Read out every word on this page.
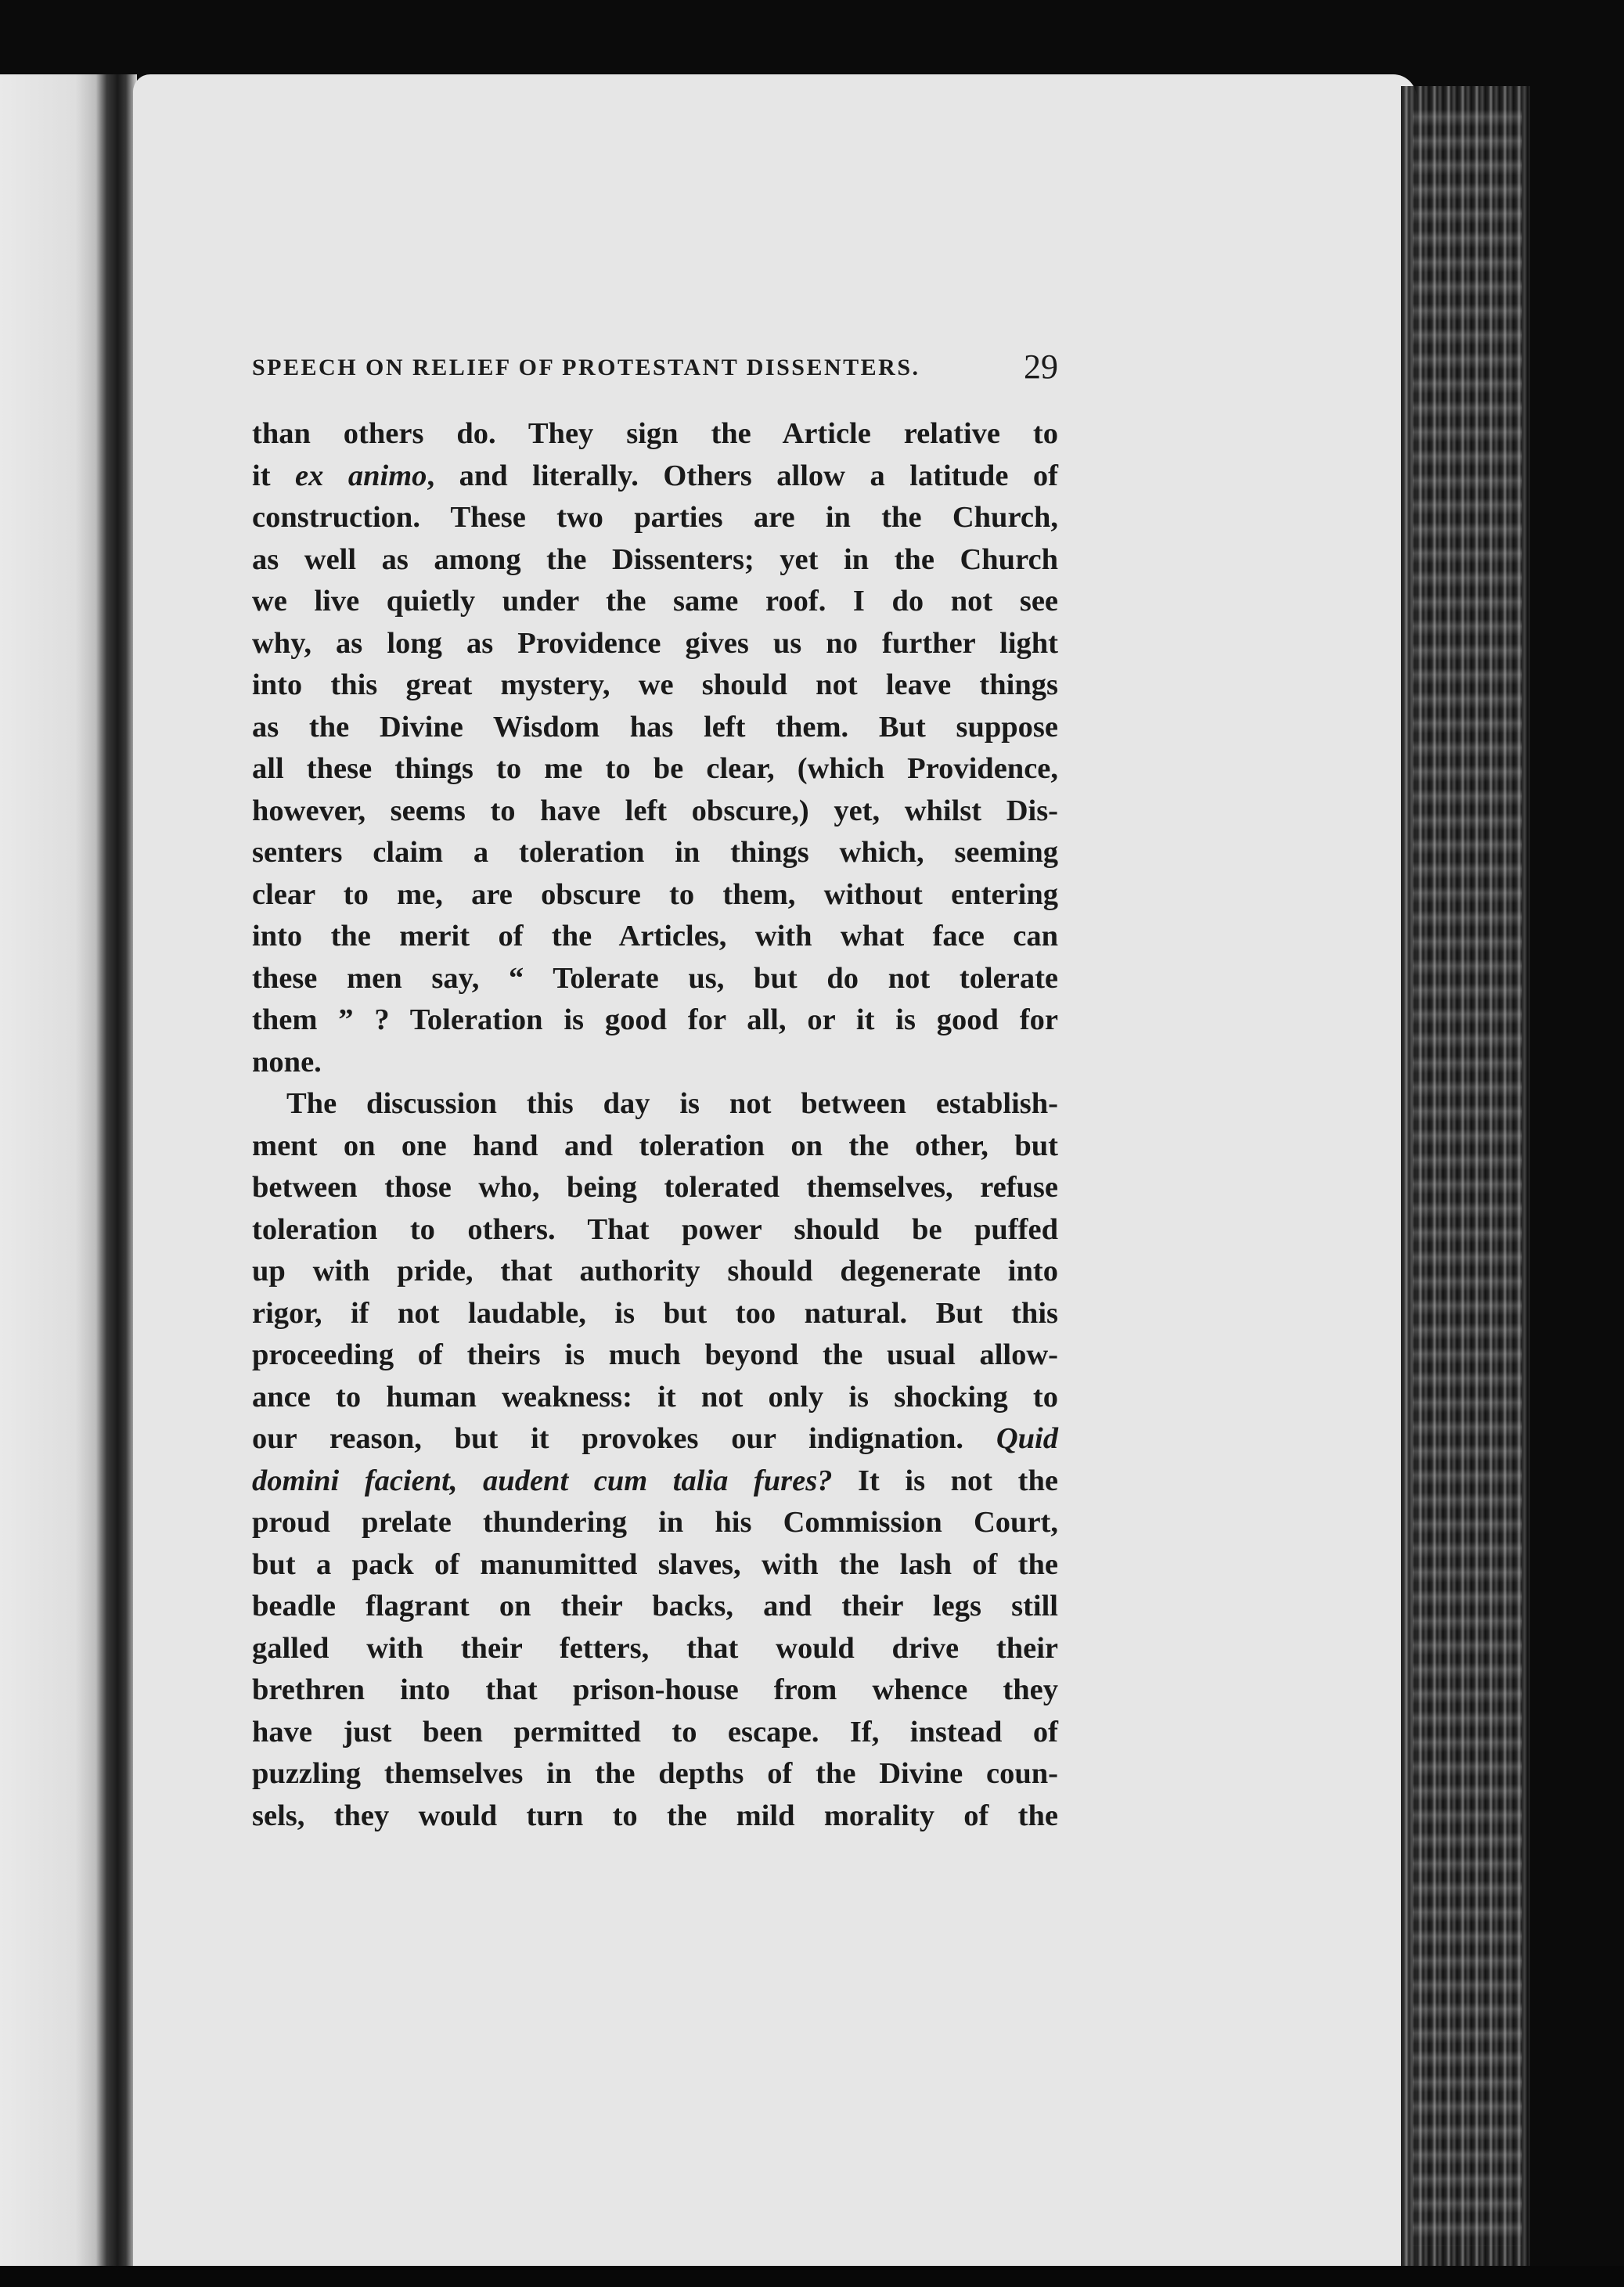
SPEECH ON RELIEF OF PROTESTANT DISSENTERS.	29
than others do. They sign the Article relative to
it ex animo, and literally. Others allow a latitude of
construction. These two parties are in the Church,
as well as among the Dissenters; yet in the Church
we live quietly under the same roof. I do not see
why, as long as Providence gives us no further light
into this great mystery, we should not leave things
as the Divine Wisdom has left them. But suppose
all these things to me to be clear, (which Providence,
however, seems to have left obscure,) yet, whilst Dis-
senters claim a toleration in things which, seeming
clear to me, are obscure to them, without entering
into the merit of the Articles, with what face can
these men say, “ Tolerate us, but do not tolerate
them ” ? Toleration is good for all, or it is good for
none.
The discussion this day is not between establish-
ment on one hand and toleration on the other, but
between those who, being tolerated themselves, refuse
toleration to others. That power should be puffed
up with pride, that authority should degenerate into
rigor, if not laudable, is but too natural. But this
proceeding of theirs is much beyond the usual allow-
ance to human weakness: it not only is shocking to
our reason, but it provokes our indignation. Quid
domini facient, audent cum talia fures? It is not the
proud prelate thundering in his Commission Court,
but a pack of manumitted slaves, with the lash of the
beadle flagrant on their backs, and their legs still
galled with their fetters, that would drive their
brethren into that prison-house from whence they
have just been permitted to escape. If, instead of
puzzling themselves in the depths of the Divine coun-
sels, they would turn to the mild morality of the
